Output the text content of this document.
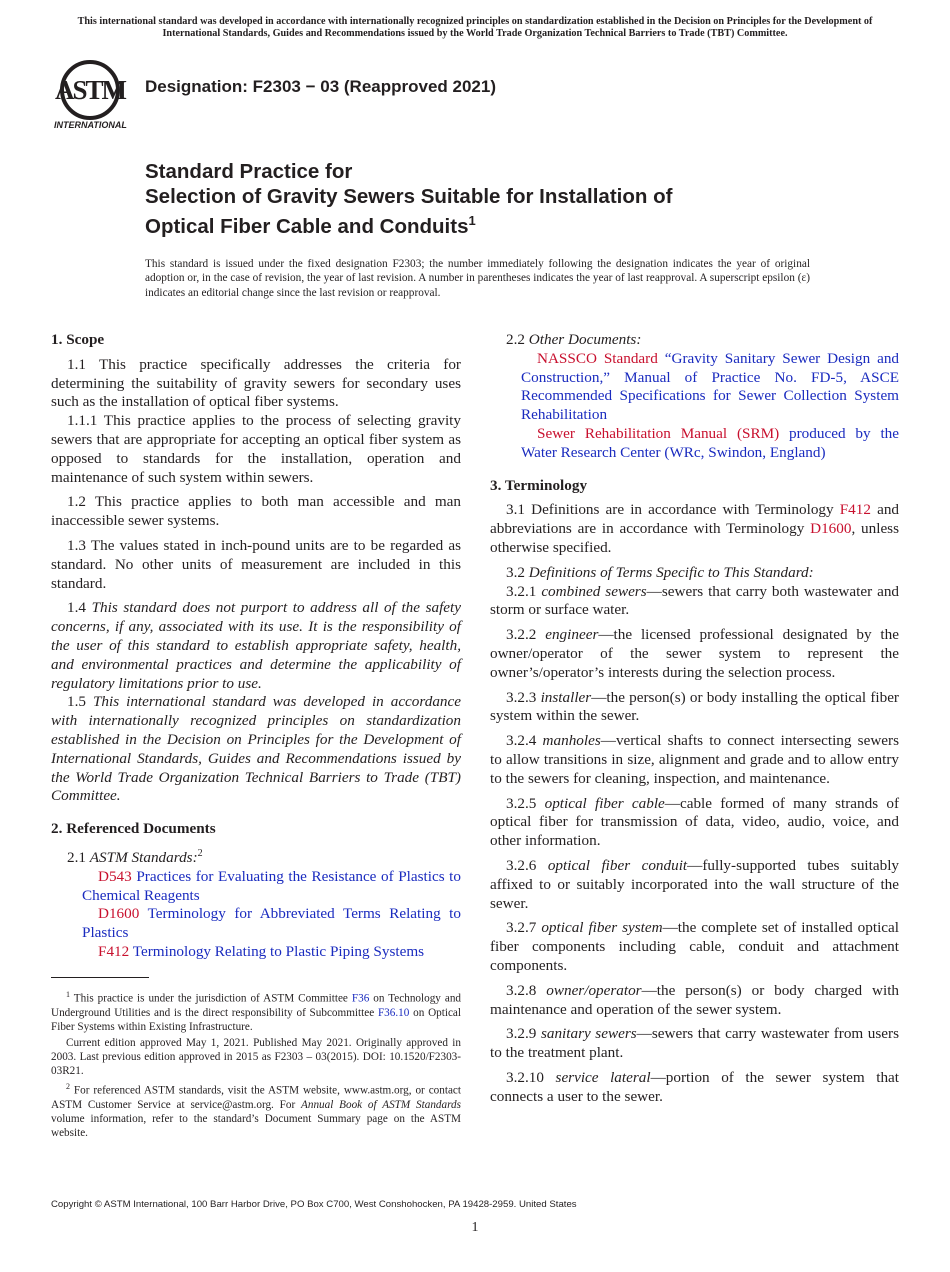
This international standard was developed in accordance with internationally recognized principles on standardization established in the Decision on Principles for the Development of International Standards, Guides and Recommendations issued by the World Trade Organization Technical Barriers to Trade (TBT) Committee.
ASTM
INTERNATIONAL
Designation: F2303 − 03 (Reapproved 2021)
Standard Practice for
Selection of Gravity Sewers Suitable for Installation of
Optical Fiber Cable and Conduits$^1$
This standard is issued under the fixed designation F2303; the number immediately following the designation indicates the year of original adoption or, in the case of revision, the year of last revision. A number in parentheses indicates the year of last reapproval. A superscript epsilon (ε) indicates an editorial change since the last revision or reapproval.

1. Scope

1.1 This practice specifically addresses the criteria for determining the suitability of gravity sewers for secondary uses such as the installation of optical fiber systems.

1.1.1 This practice applies to the process of selecting gravity sewers that are appropriate for accepting an optical fiber system as opposed to standards for the installation, operation and maintenance of such system within sewers.

1.2 This practice applies to both man accessible and man inaccessible sewer systems.

1.3 The values stated in inch-pound units are to be regarded as standard. No other units of measurement are included in this standard.

1.4 This standard does not purport to address all of the safety concerns, if any, associated with its use. It is the responsibility of the user of this standard to establish appropriate safety, health, and environmental practices and determine the applicability of regulatory limitations prior to use.

1.5 This international standard was developed in accordance with internationally recognized principles on standardization established in the Decision on Principles for the Development of International Standards, Guides and Recommendations issued by the World Trade Organization Technical Barriers to Trade (TBT) Committee.

2. Referenced Documents

2.1 ASTM Standards:$^2$

D543 Practices for Evaluating the Resistance of Plastics to Chemical Reagents

D1600 Terminology for Abbreviated Terms Relating to Plastics

F412 Terminology Relating to Plastic Piping Systems

$^1$ This practice is under the jurisdiction of ASTM Committee F36 on Technology and Underground Utilities and is the direct responsibility of Subcommittee F36.10 on Optical Fiber Systems within Existing Infrastructure.

Current edition approved May 1, 2021. Published May 2021. Originally approved in 2003. Last previous edition approved in 2015 as F2303 – 03(2015). DOI: 10.1520/F2303-03R21.

$^2$ For referenced ASTM standards, visit the ASTM website, www.astm.org, or contact ASTM Customer Service at service@astm.org. For Annual Book of ASTM Standards volume information, refer to the standard’s Document Summary page on the ASTM website.

2.2 Other Documents:

NASSCO Standard “Gravity Sanitary Sewer Design and Construction,” Manual of Practice No. FD-5, ASCE Recommended Specifications for Sewer Collection System Rehabilitation

Sewer Rehabilitation Manual (SRM) produced by the Water Research Center (WRc, Swindon, England)

3. Terminology

3.1 Definitions are in accordance with Terminology F412 and abbreviations are in accordance with Terminology D1600, unless otherwise specified.

3.2 Definitions of Terms Specific to This Standard:

3.2.1 combined sewers—sewers that carry both wastewater and storm or surface water.

3.2.2 engineer—the licensed professional designated by the owner/operator of the sewer system to represent the owner’s/operator’s interests during the selection process.

3.2.3 installer—the person(s) or body installing the optical fiber system within the sewer.

3.2.4 manholes—vertical shafts to connect intersecting sewers to allow transitions in size, alignment and grade and to allow entry to the sewers for cleaning, inspection, and maintenance.

3.2.5 optical fiber cable—cable formed of many strands of optical fiber for transmission of data, video, audio, voice, and other information.

3.2.6 optical fiber conduit—fully-supported tubes suitably affixed to or suitably incorporated into the wall structure of the sewer.

3.2.7 optical fiber system—the complete set of installed optical fiber components including cable, conduit and attachment components.

3.2.8 owner/operator—the person(s) or body charged with maintenance and operation of the sewer system.

3.2.9 sanitary sewers—sewers that carry wastewater from users to the treatment plant.

3.2.10 service lateral—portion of the sewer system that connects a user to the sewer.

Copyright © ASTM International, 100 Barr Harbor Drive, PO Box C700, West Conshohocken, PA 19428-2959. United States
1
